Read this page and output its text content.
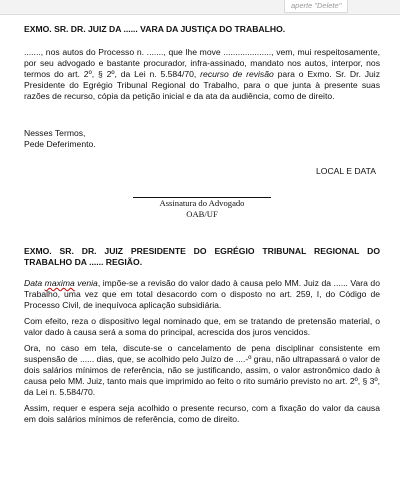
aperte "Delete"

EXMO. SR. DR. JUIZ DA ...... VARA DA JUSTIÇA DO TRABALHO.

......., nos autos do Processo n. ......., que lhe move ...................., vem, mui respeitosamente, por seu advogado e bastante procurador, infra-assinado, mandato nos autos, interpor, nos termos do art. 2º, § 2º, da Lei n. 5.584/70, recurso de revisão para o Exmo. Sr. Dr. Juiz Presidente do Egrégio Tribunal Regional do Trabalho, para o que junta à presente suas razões de recurso, cópia da petição inicial e da ata da audiência, como de direito.

Nesses Termos,

Pede Deferimento.

LOCAL E DATA

Assinatura do Advogado
OAB/UF

EXMO. SR. DR. JUIZ PRESIDENTE DO EGRÉGIO TRIBUNAL REGIONAL DO TRABALHO DA ...... REGIÃO.

Data maxima venia, impõe-se a revisão do valor dado à causa pelo MM. Juiz da ...... Vara do Trabalho, uma vez que em total desacordo com o disposto no art. 259, I, do Código de Processo Civil, de inequívoca aplicação subsidiária.

Com efeito, reza o dispositivo legal nominado que, em se tratando de pretensão material, o valor dado à causa será a soma do principal, acrescida dos juros vencidos.

Ora, no caso em tela, discute-se o cancelamento de pena disciplinar consistente em suspensão de ...... dias, que, se acolhido pelo Juízo de ....-º grau, não ultrapassará o valor de dois salários mínimos de referência, não se justificando, assim, o valor astronômico dado à causa pelo MM. Juiz, tanto mais que imprimido ao feito o rito sumário previsto no art. 2º, § 3º, da Lei n. 5.584/70.

Assim, requer e espera seja acolhido o presente recurso, com a fixação do valor da causa em dois salários mínimos de referência, como de direito.
